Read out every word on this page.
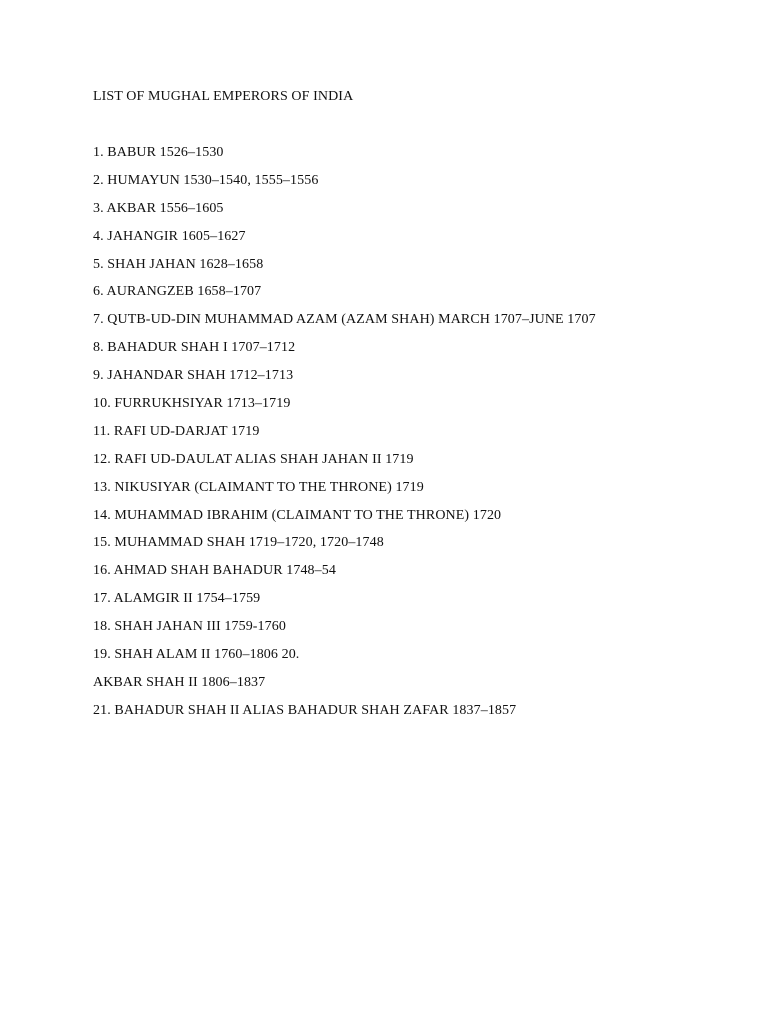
LIST OF MUGHAL EMPERORS OF INDIA
1. BABUR 1526–1530
2. HUMAYUN 1530–1540, 1555–1556
3. AKBAR 1556–1605
4. JAHANGIR 1605–1627
5. SHAH JAHAN 1628–1658
6. AURANGZEB 1658–1707
7. QUTB-UD-DIN MUHAMMAD AZAM (AZAM SHAH) MARCH 1707–JUNE 1707
8. BAHADUR SHAH I 1707–1712
9. JAHANDAR SHAH 1712–1713
10. FURRUKHSIYAR 1713–1719
11. RAFI UD-DARJAT 1719
12. RAFI UD-DAULAT ALIAS SHAH JAHAN II 1719
13. NIKUSIYAR (CLAIMANT TO THE THRONE) 1719
14. MUHAMMAD IBRAHIM (CLAIMANT TO THE THRONE) 1720
15. MUHAMMAD SHAH 1719–1720, 1720–1748
16. AHMAD SHAH BAHADUR 1748–54
17. ALAMGIR II 1754–1759
18. SHAH JAHAN III 1759-1760
19. SHAH ALAM II 1760–1806 20.
AKBAR SHAH II 1806–1837
21. BAHADUR SHAH II ALIAS BAHADUR SHAH ZAFAR 1837–1857
